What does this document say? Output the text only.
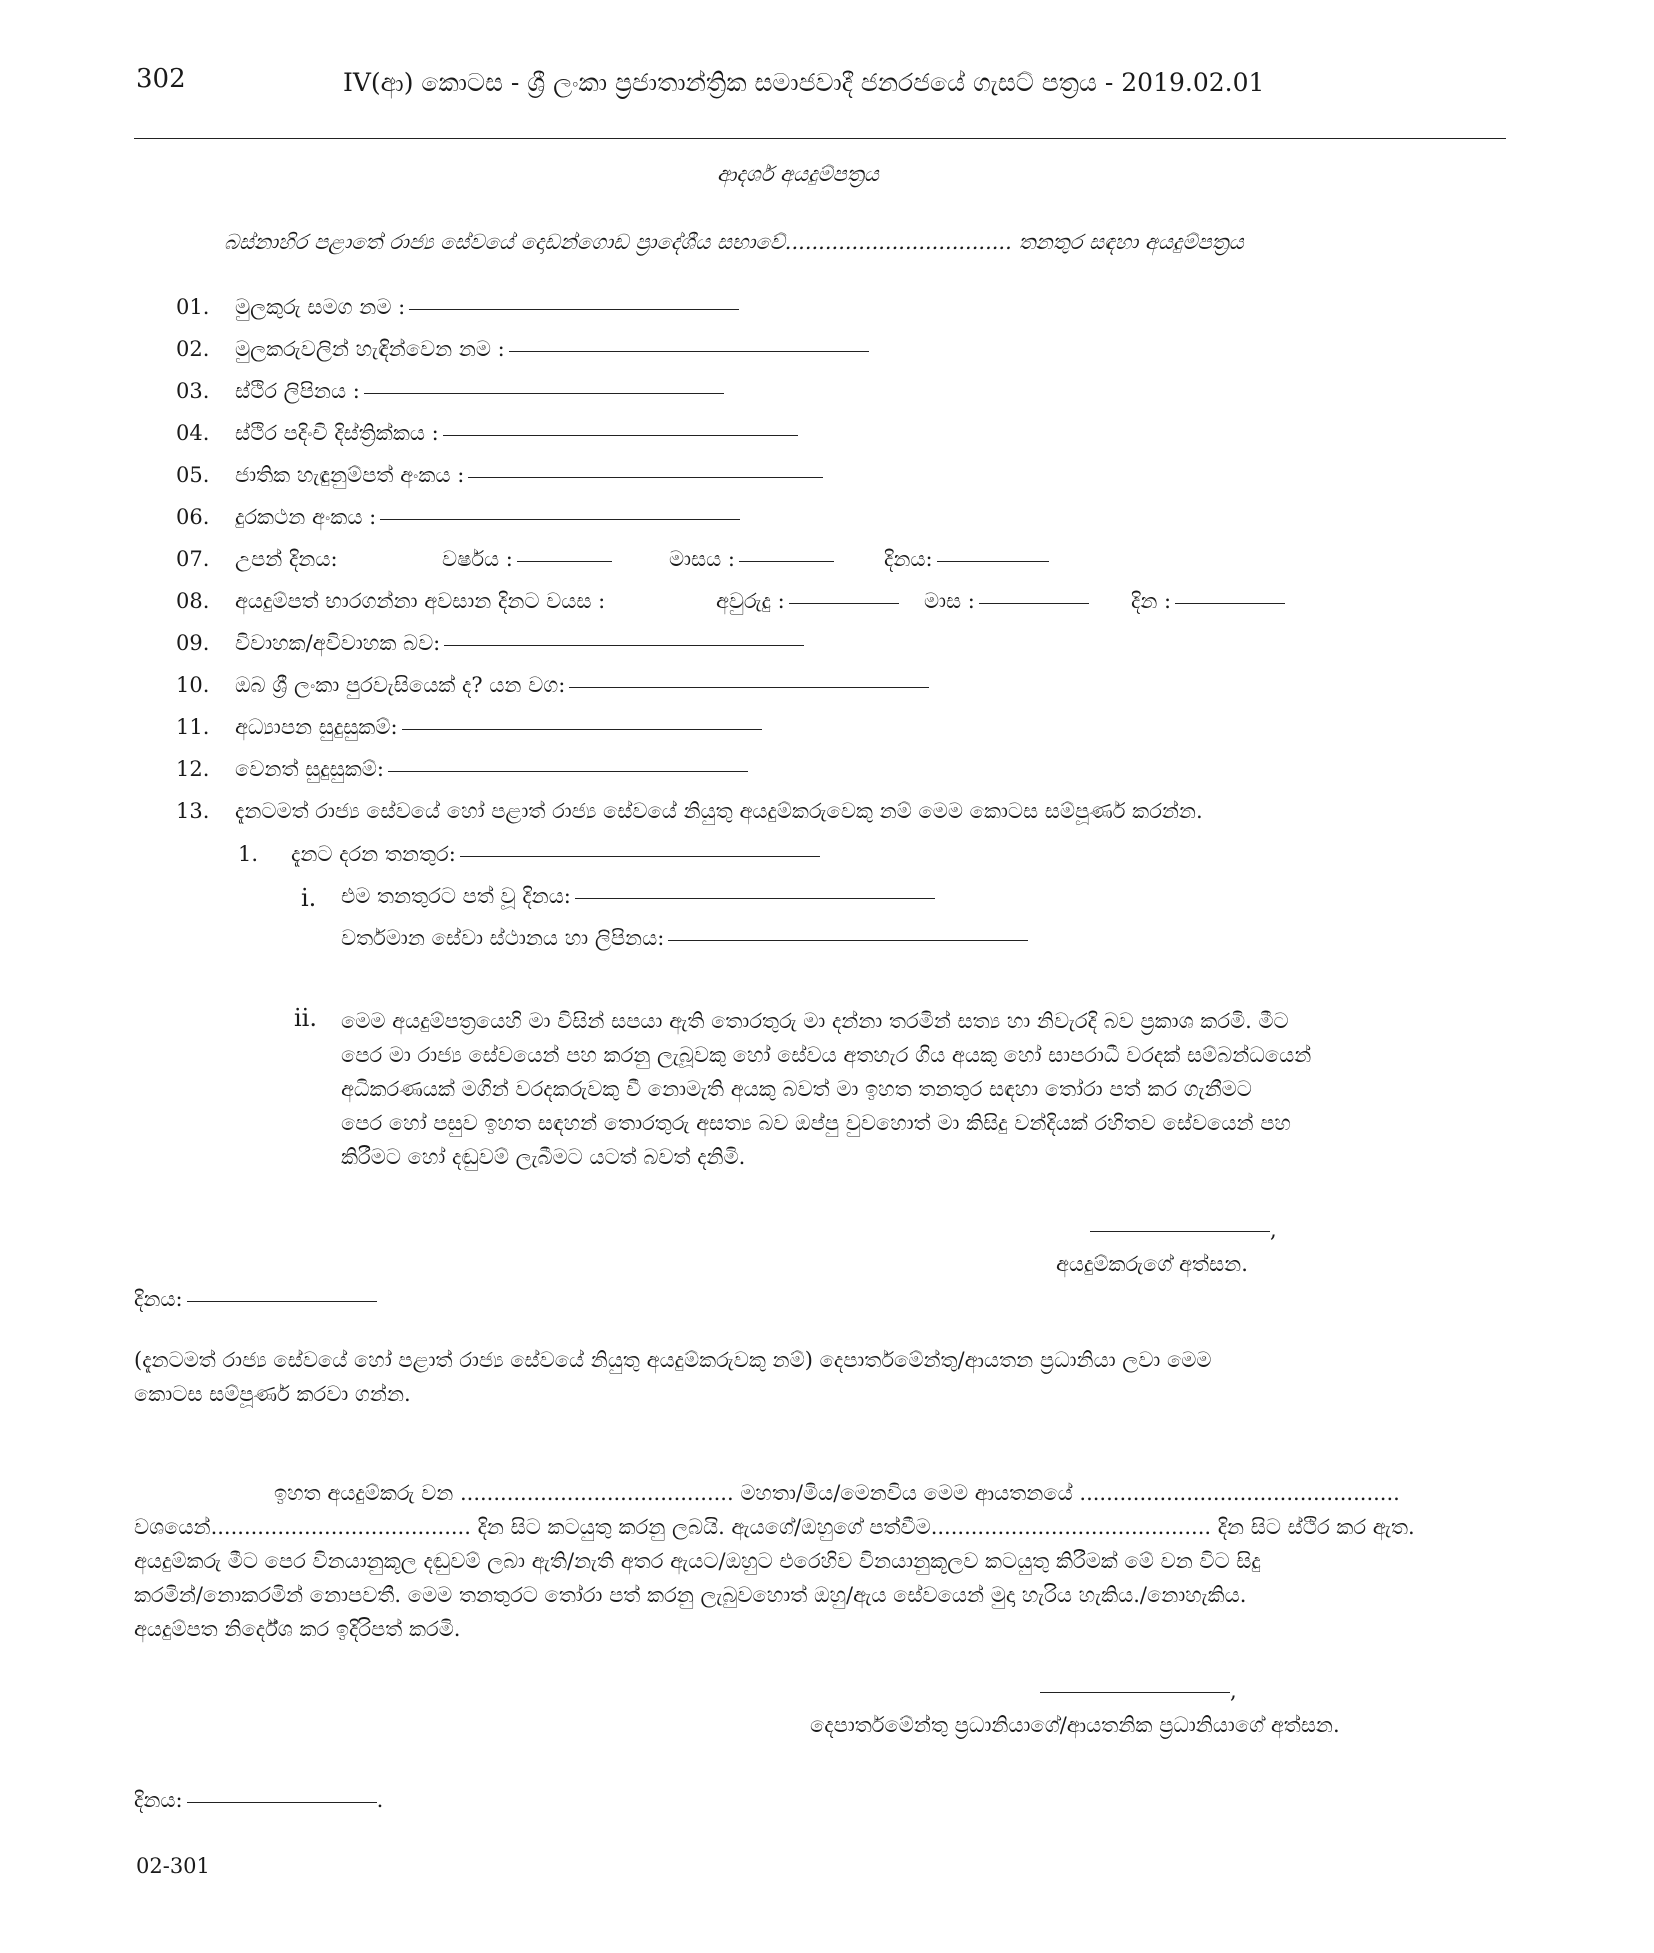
302	IV(ආ) කොටස - ශ්‍රී ලංකා ප්‍රජාතාන්ත්‍රික සමාජවාදී ජනරජයේ ගැසට් පත්‍රය - 2019.02.01
ආදර්ශ අයදුම්පත්‍රය
බස්නාහිර පළාතේ රාජ්‍ය සේවයේ දොඩන්ගොඩ ප්‍රාදේශීය සභාවේ.................................. තනතුර සඳහා අයදුම්පත්‍රය
01. මුලකුරු සමග නම :
02. මුලකරුවලින් හැඳින්වෙන නම :
03. ස්ථිර ලිපිනය :
04. ස්ථිර පදිංචි දිස්ත්‍රික්කය :
05. ජාතික හැඳුනුම්පත් අංකය :
06. දුරකථන අංකය :
07. උපන් දිනය:	වර්ෂය :	මාසය :	දිනය:
08. අයදුම්පත් භාරගන්නා අවසාන දිනට වයස :	අවුරුදු :	මාස :	දින :
09. විවාහක/අවිවාහක බව:
10. ඔබ ශ්‍රී ලංකා පුරවැසියෙක් ද? යන වග:
11. අධ්‍යාපන සුදුසුකම්:
12. වෙනත් සුදුසුකම්:
13. දැනටමත් රාජ්‍ය සේවයේ හෝ පළාත් රාජ්‍ය සේවයේ නියුතු අයදුම්කරුවෙකු නම් මෙම කොටස සම්පූර්ණ කරන්න.
1. දැනට දරන තනතුර:
i. එම තනතුරට පත් වූ දිනය:
වර්තමාන සේවා ස්ථානය හා ලිපිනය:
ii. මෙම අයදුම්පත්‍රයෙහි මා විසින් සපයා ඇති තොරතුරු මා දන්නා තරමින් සත්‍ය හා නිවැරදි බව ප්‍රකාශ කරමි. මීට
පෙර මා රාජ්‍ය සේවයෙන් පහ කරනු ලැබූවකු හෝ සේවය අතහැර ගිය අයකු හෝ සාපරාධී වරදක් සම්බන්ධයෙන්
අධිකරණයක් මගින් වරදකරුවකු වී නොමැති අයකු බවත් මා ඉහත තනතුර සඳහා තෝරා පත් කර ගැනීමට
පෙර හෝ පසුව ඉහත සඳහන් තොරතුරු අසත්‍ය බව ඔප්පු වුවහොත් මා කිසිදු වන්දියක් රහිතව සේවයෙන් පහ
කිරීමට හෝ දඬුවම් ලැබීමට යටත් බවත් දනිමි.
,
අයදුම්කරුගේ අත්සන.
දිනය:
(දැනටමත් රාජ්‍ය සේවයේ හෝ පළාත් රාජ්‍ය සේවයේ නියුතු අයදුම්කරුවකු නම්) දෙපාර්තමේන්තු/ආයතන ප්‍රධානියා ලවා මෙම
කොටස සම්පූර්ණ කරවා ගන්න.
ඉහත අයදුම්කරු වන ......................................... මහතා/මිය/මෙනවිය මෙම ආයතනයේ ................................................
වශයෙන්....................................... දින සිට කටයුතු කරනු ලබයි. ඇයගේ/ඔහුගේ පත්වීම.......................................... දින සිට ස්ථිර කර ඇත.
අයදුම්කරු මීට පෙර විනයානුකූල දඬුවම් ලබා ඇති/නැති අතර ඇයට/ඔහුට එරෙහිව විනයානුකූලව කටයුතු කිරීමක් මේ වන විට සිදු
කරමින්/නොකරමින් නොපවතී. මෙම තනතුරට තෝරා පත් කරනු ලැබුවහොත් ඔහු/ඇය සේවයෙන් මුදා හැරිය හැකිය./නොහැකිය.
අයදුම්පත නිර්දේශ කර ඉදිරිපත් කරමි.
,
දෙපාර්තමේන්තු ප්‍රධානියාගේ/ආයතනික ප්‍රධානියාගේ අත්සන.
දිනය:	.
02-301
